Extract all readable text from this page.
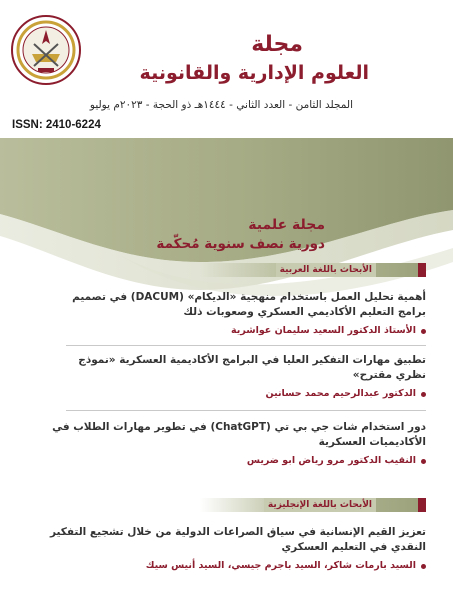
مجلة
العلوم الإدارية والقانونية
المجلد الثامن - العدد الثاني - ١٤٤٤هـ ذو الحجة - ٢٠٢٣م يوليو
ISSN: 2410-6224
مجلة علمية
دورية نصف سنوية مُحكّمة
الأبحاث باللغة العربية
أهمية تحليل العمل باستخدام منهجية «الديكام» (DACUM) في تصميم برامج التعليم الأكاديمي العسكري وصعوبات ذلك
الأستاذ الدكتور السعيد سليمان عواشرية
تطبيق مهارات التفكير العليا في البرامج الأكاديمية العسكرية «نموذج نظري مقترح»
الدكتور عبدالرحيم محمد حسانين
دور استخدام شات جي بي تي (ChatGPT) في تطوير مهارات الطلاب في الأكاديميات العسكرية
النقيب الدكتور مرو رياض ابو ضريس
الأبحاث باللغة الإنجليزية
تعزيز القيم الإنسانية في سياق الصراعات الدولية من خلال تشجيع التفكير النقدي في التعليم العسكري
السيد بارمات شاكر، السيد باجرم جيسي، السيد أنيس سيك
